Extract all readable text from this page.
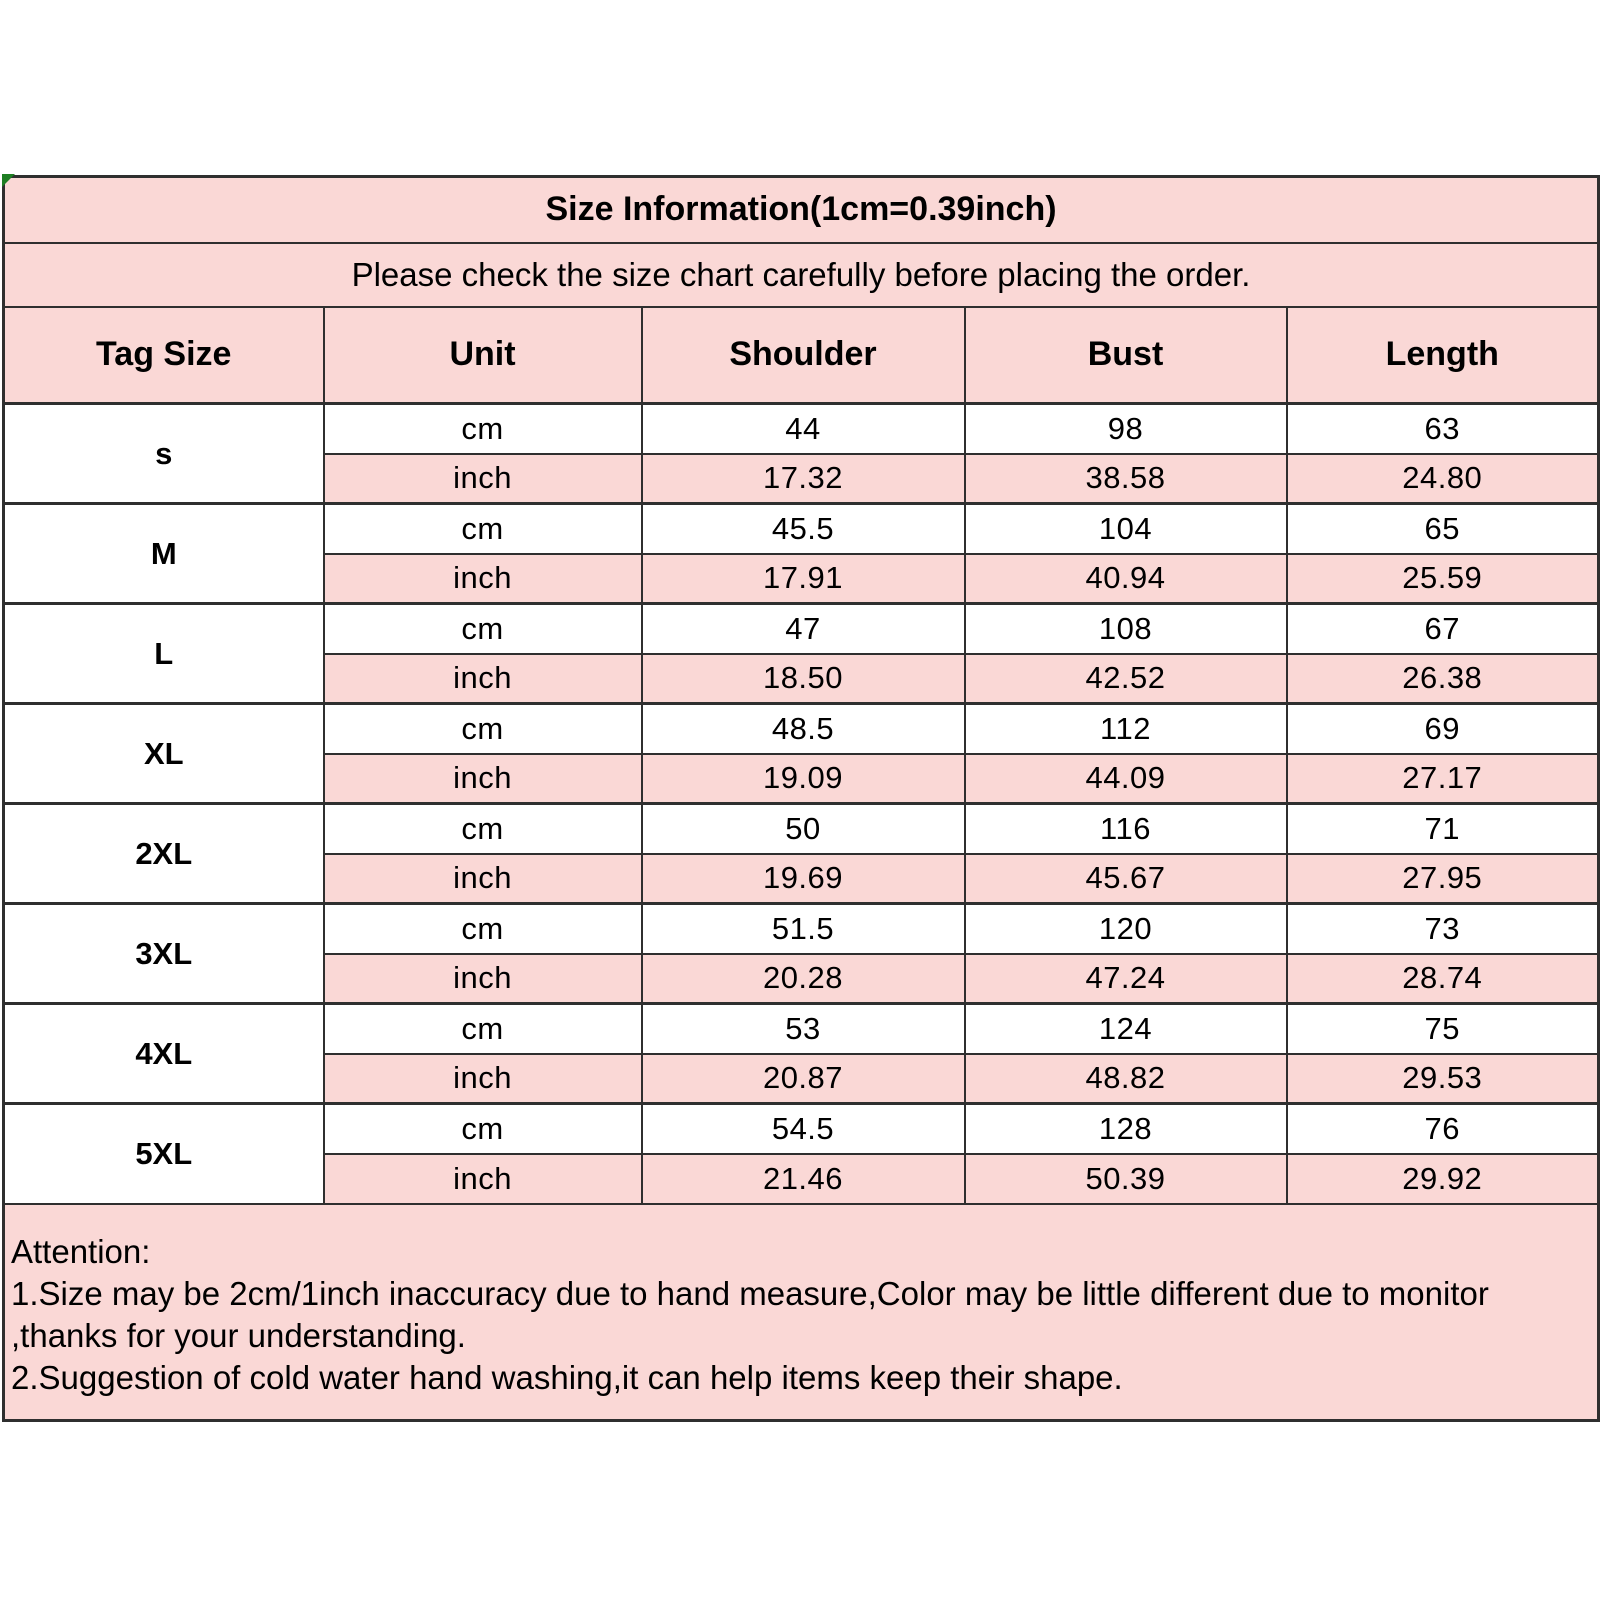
Size Information(1cm=0.39inch)				
Please check the size chart carefully before placing the order.				
Tag Size	Unit	Shoulder	Bust	Length
s	cm	44	98	63
	inch	17.32	38.58	24.80
M	cm	45.5	104	65
	inch	17.91	40.94	25.59
L	cm	47	108	67
	inch	18.50	42.52	26.38
XL	cm	48.5	112	69
	inch	19.09	44.09	27.17
2XL	cm	50	116	71
	inch	19.69	45.67	27.95
3XL	cm	51.5	120	73
	inch	20.28	47.24	28.74
4XL	cm	53	124	75
	inch	20.87	48.82	29.53
5XL	cm	54.5	128	76
	inch	21.46	50.39	29.92

Attention:
1.Size may be 2cm/1inch inaccuracy due to hand measure,Color may be little different due to monitor
,thanks for your understanding.
2.Suggestion of cold water hand washing,it can help items keep their shape.				
